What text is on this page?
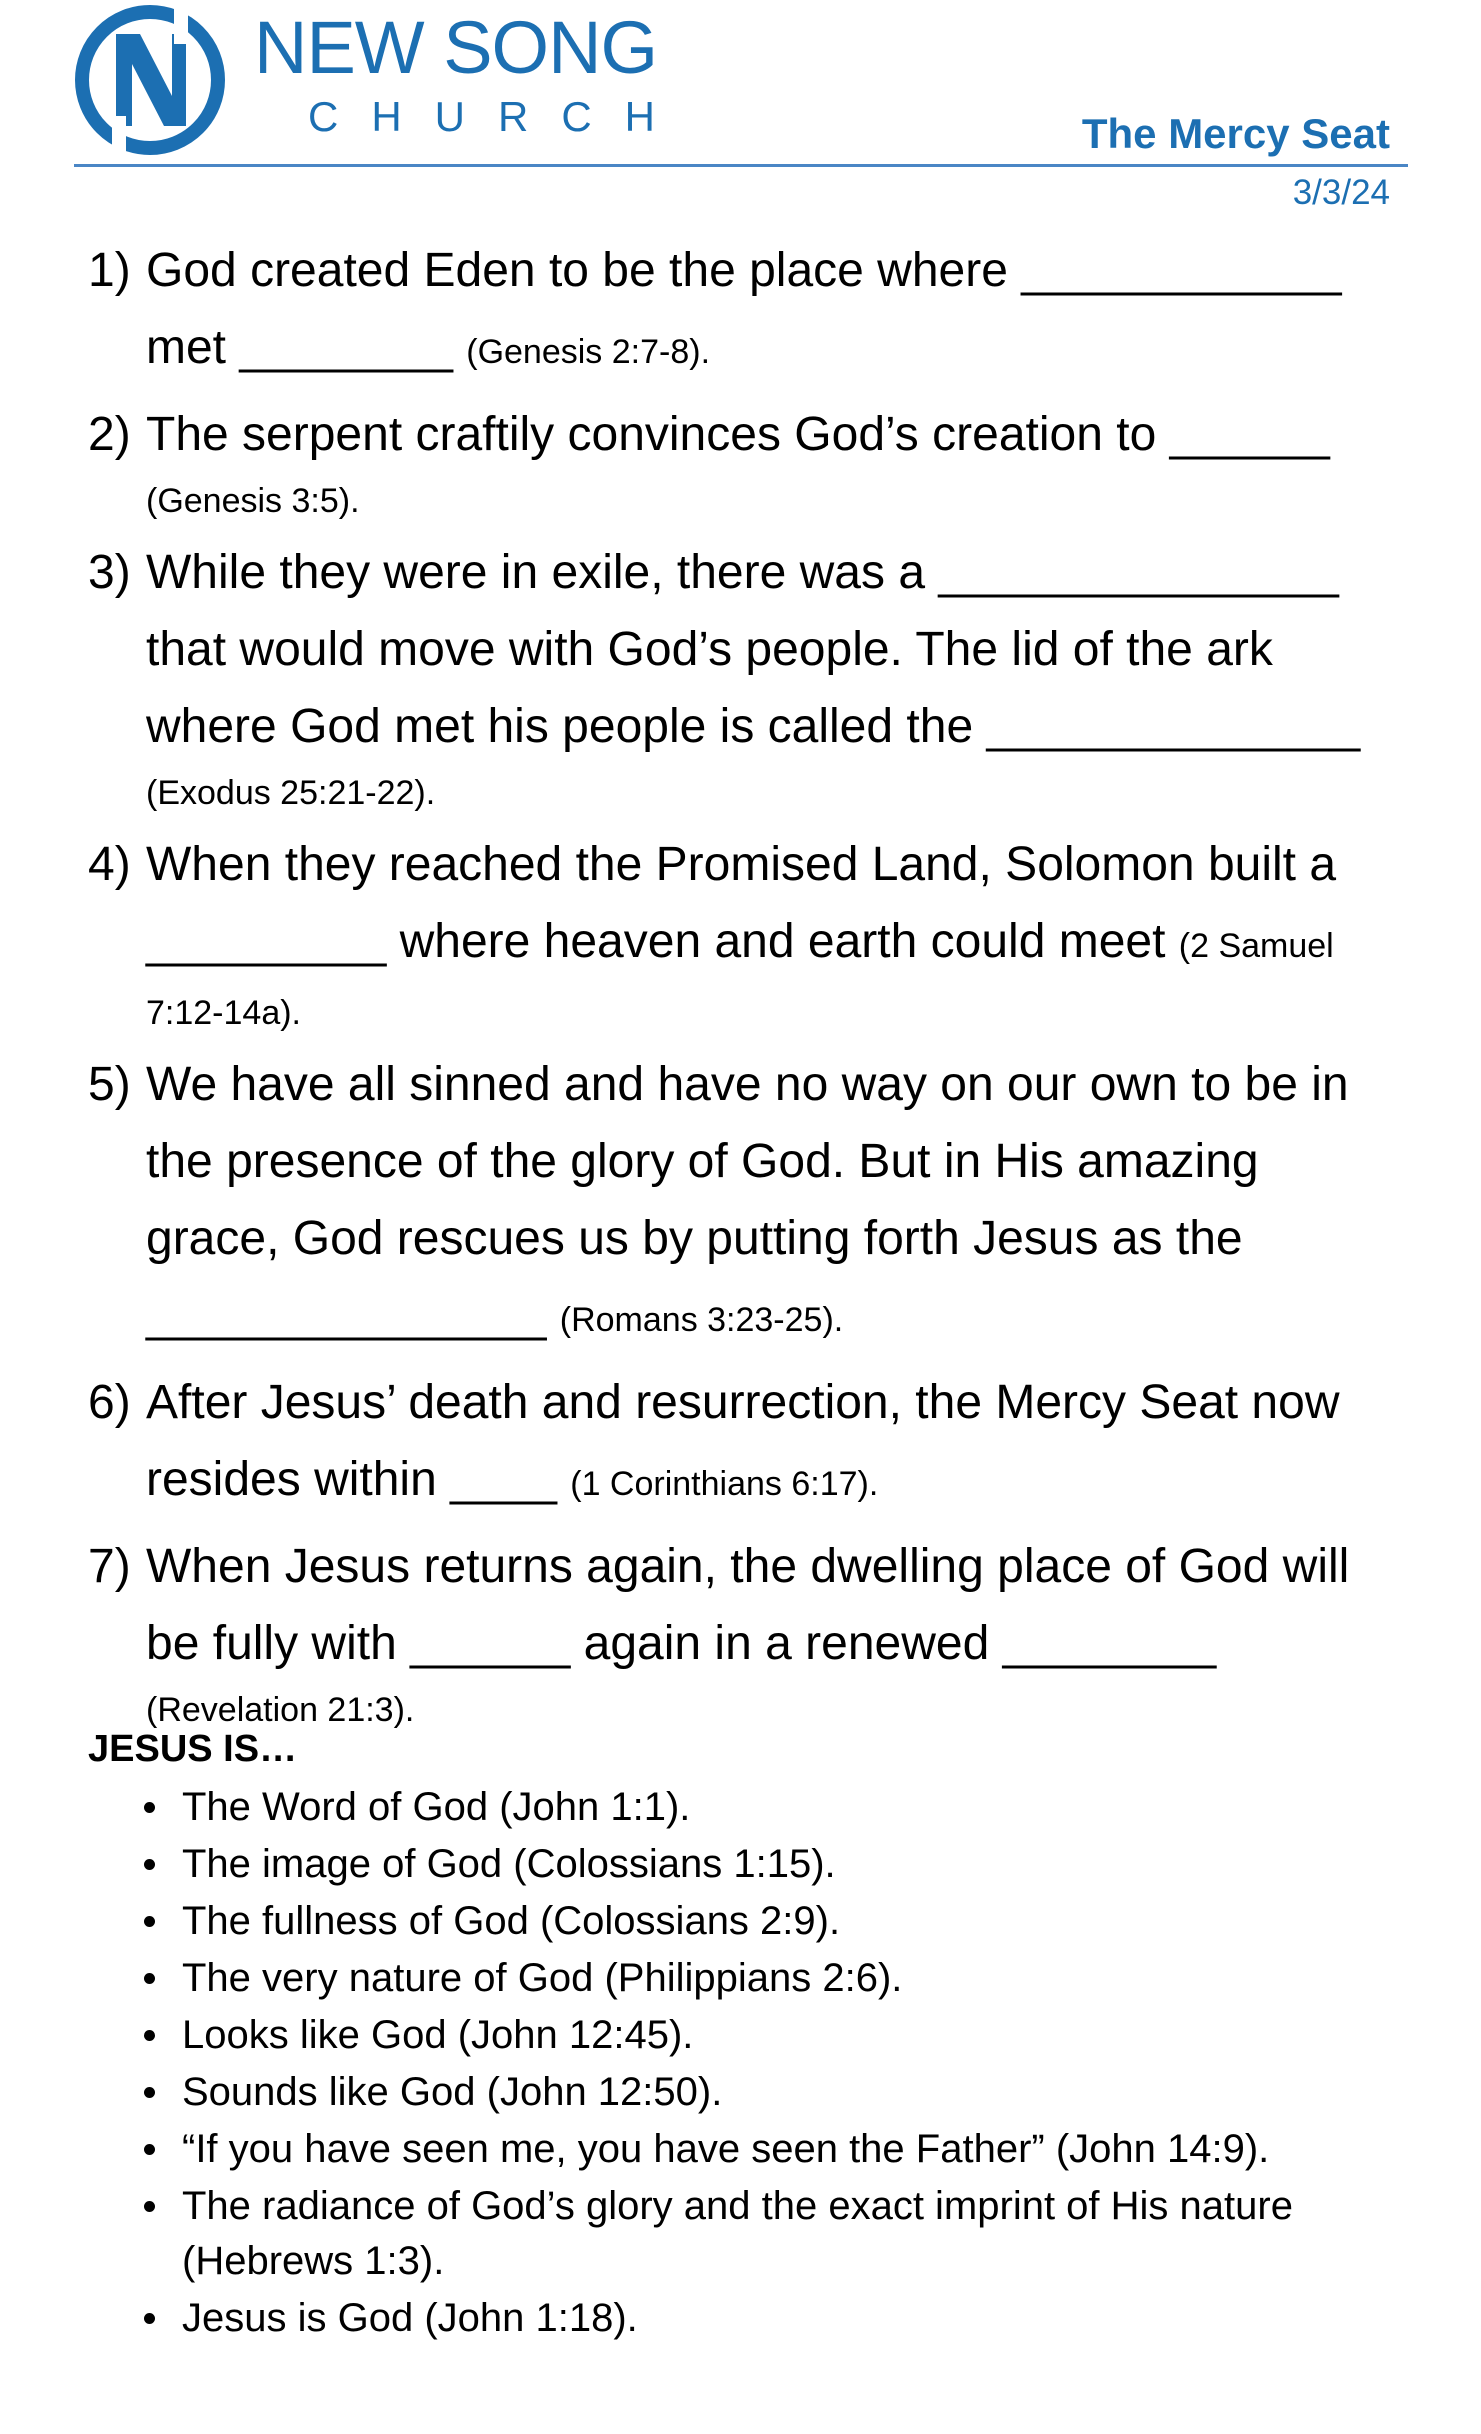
NEW SONG
CHURCH	The Mercy Seat
3/3/24
1) God created Eden to be the place where ____________
met ________ (Genesis 2:7-8).
2) The serpent craftily convinces God’s creation to ______
(Genesis 3:5).
3) While they were in exile, there was a _______________
that would move with God’s people. The lid of the ark
where God met his people is called the ______________
(Exodus 25:21-22).
4) When they reached the Promised Land, Solomon built a
_________ where heaven and earth could meet (2 Samuel
7:12-14a).
5) We have all sinned and have no way on our own to be in
the presence of the glory of God. But in His amazing
grace, God rescues us by putting forth Jesus as the
_______________ (Romans 3:23-25).
6) After Jesus’ death and resurrection, the Mercy Seat now
resides within ____ (1 Corinthians 6:17).
7) When Jesus returns again, the dwelling place of God will
be fully with ______ again in a renewed ________
(Revelation 21:3).
JESUS IS…
The Word of God (John 1:1).
The image of God (Colossians 1:15).
The fullness of God (Colossians 2:9).
The very nature of God (Philippians 2:6).
Looks like God (John 12:45).
Sounds like God (John 12:50).
“If you have seen me, you have seen the Father” (John 14:9).
The radiance of God’s glory and the exact imprint of His nature
(Hebrews 1:3).
Jesus is God (John 1:18).
